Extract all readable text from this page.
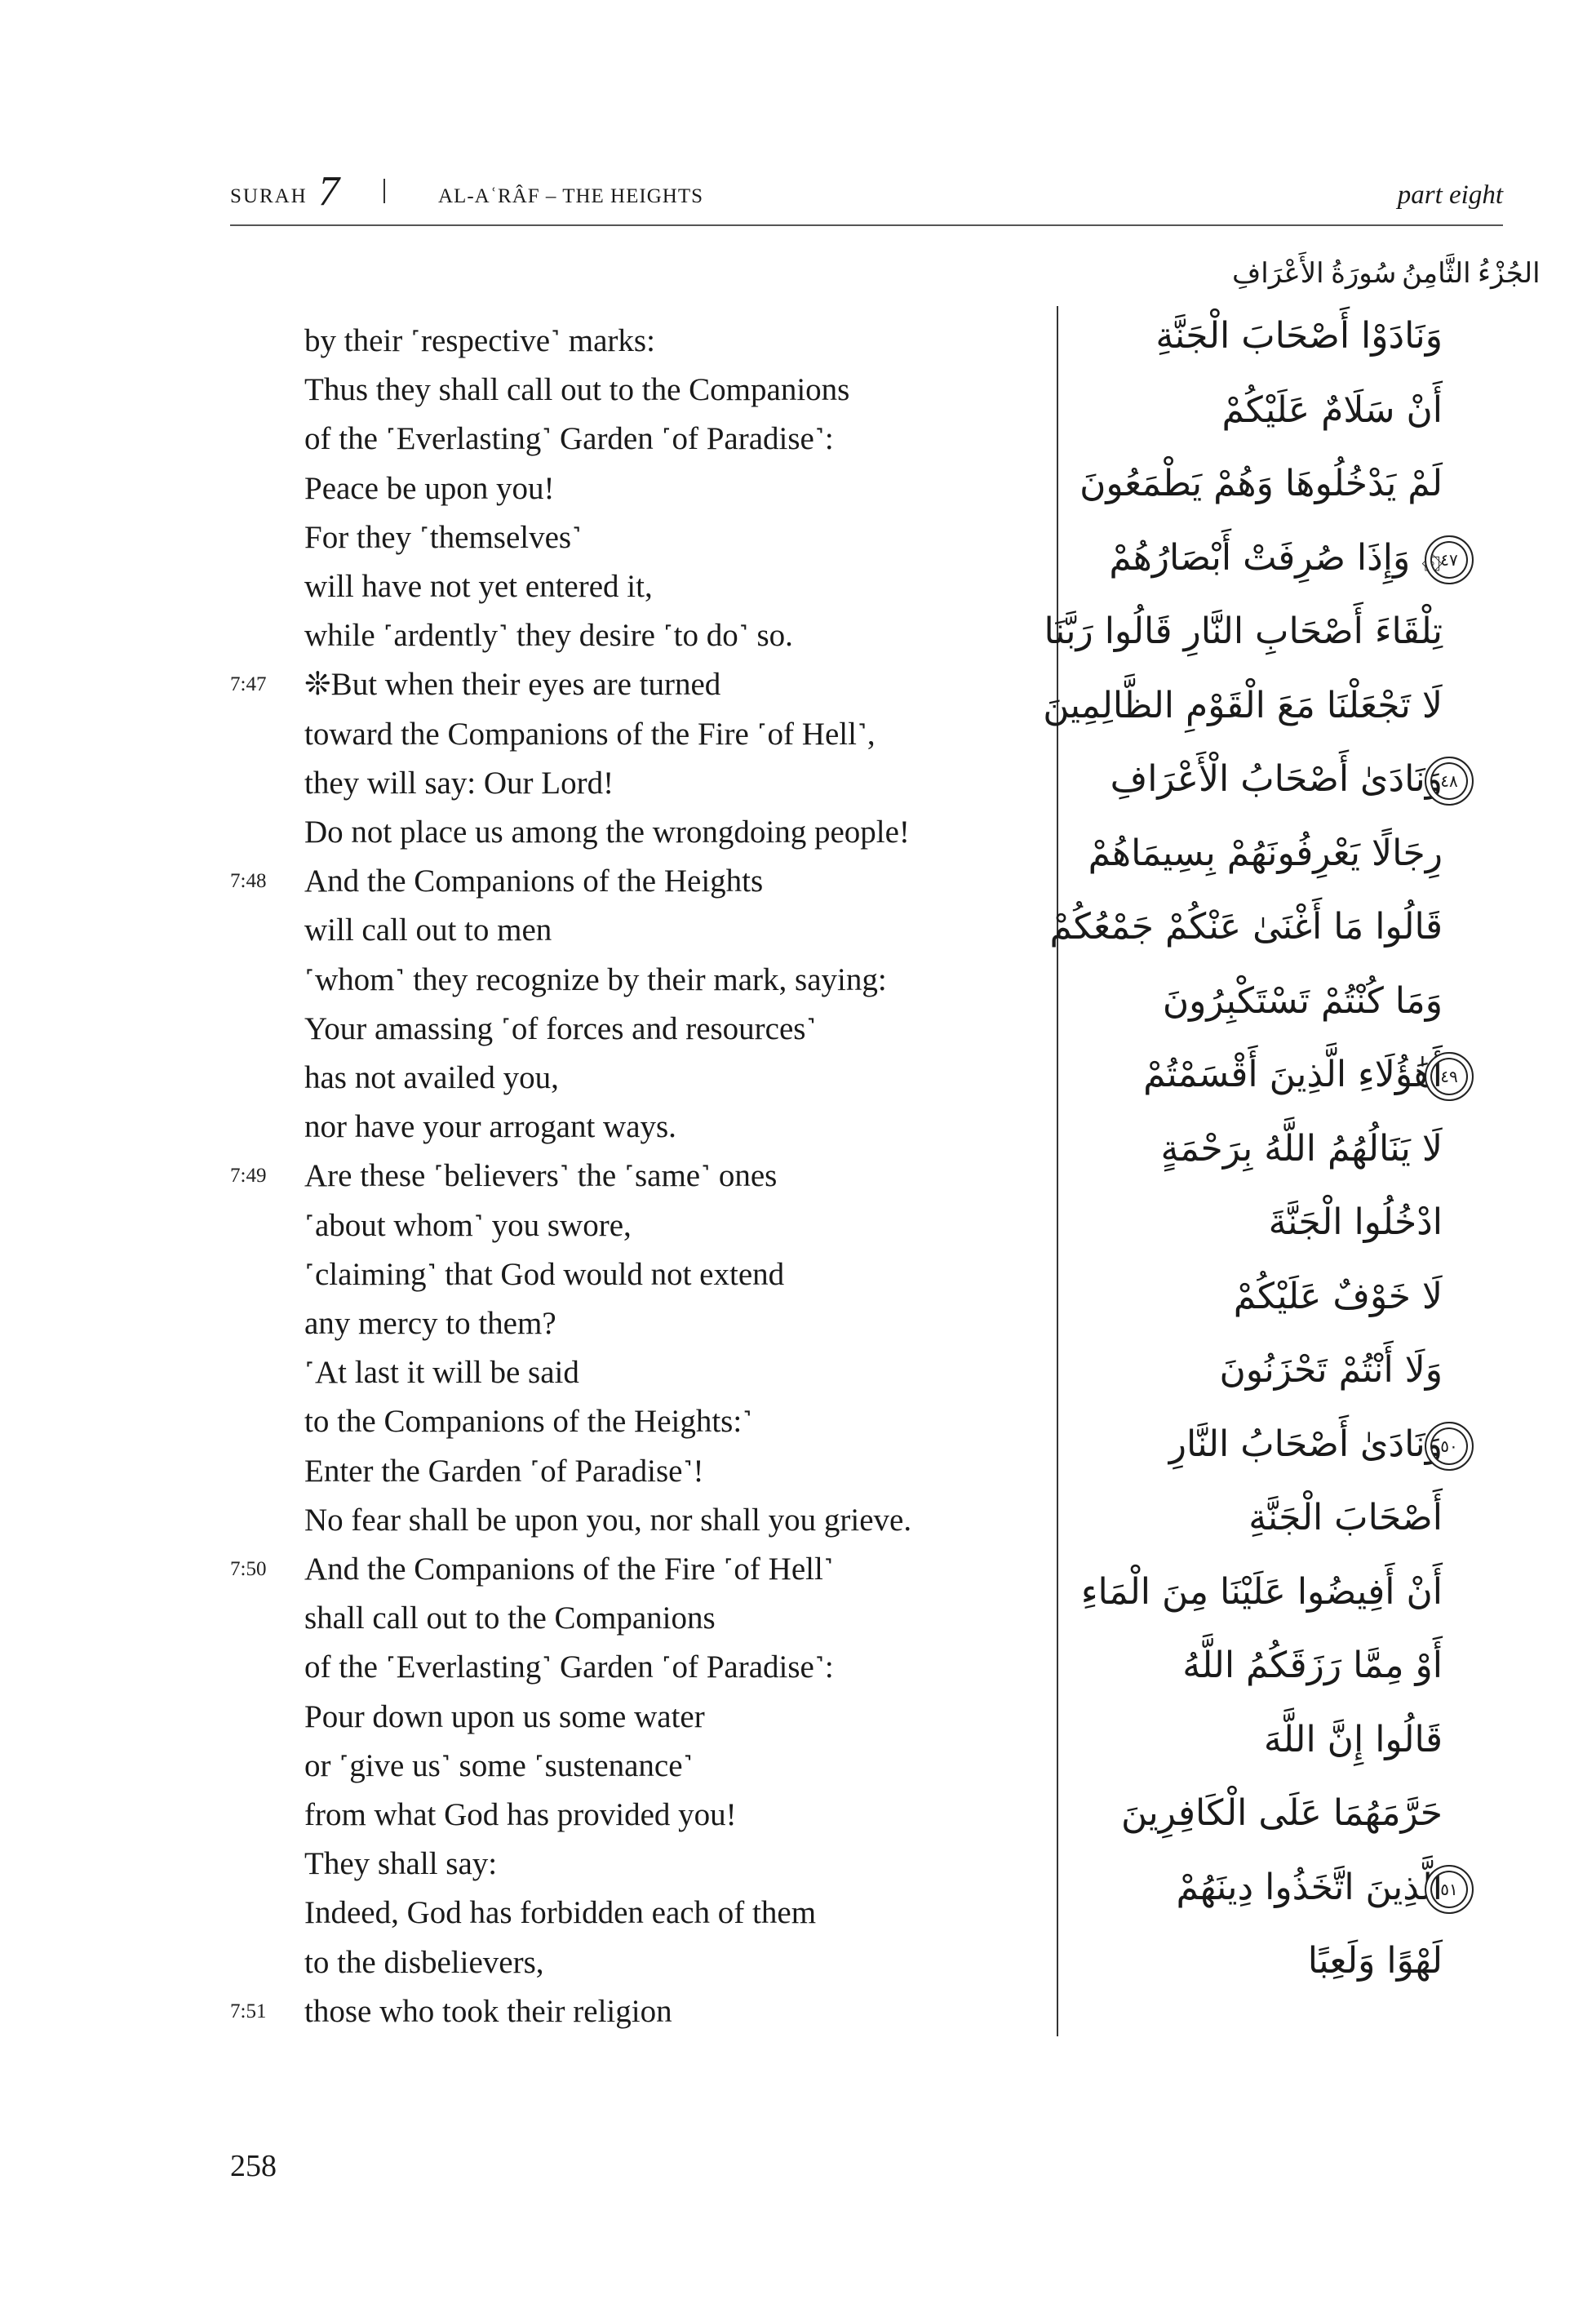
SURAH 7	AL-AʿRÂF – THE HEIGHTS	part eight
الجُزْءُ الثَّامِنُ
سُورَةُ الأَعْرَافِ
by their ˹respective˺ marks:
Thus they shall call out to the Companions
of the ˹Everlasting˺ Garden ˹of Paradise˺:
Peace be upon you!
For they ˹themselves˺
will have not yet entered it,
while ˹ardently˺ they desire ˹to do˺ so.
❊But when their eyes are turned
7:47
toward the Companions of the Fire ˹of Hell˺,
they will say: Our Lord!
Do not place us among the wrongdoing people!
And the Companions of the Heights
7:48
will call out to men
˹whom˺ they recognize by their mark, saying:
Your amassing ˹of forces and resources˺
has not availed you,
nor have your arrogant ways.
Are these ˹believers˺ the ˹same˺ ones
7:49
˹about whom˺ you swore,
˹claiming˺ that God would not extend
any mercy to them?
˹At last it will be said
to the Companions of the Heights:˺
Enter the Garden ˹of Paradise˺!
No fear shall be upon you, nor shall you grieve.
And the Companions of the Fire ˹of Hell˺
7:50
shall call out to the Companions
of the ˹Everlasting˺ Garden ˹of Paradise˺:
Pour down upon us some water
or ˹give us˺ some ˹sustenance˺
from what God has provided you!
They shall say:
Indeed, God has forbidden each of them
to the disbelievers,
those who took their religion
7:51
وَنَادَوْا أَصْحَابَ الْجَنَّةِ
أَنْ سَلَامٌ عَلَيْكُمْ
لَمْ يَدْخُلُوهَا وَهُمْ يَطْمَعُونَ
۞ وَإِذَا صُرِفَتْ أَبْصَارُهُمْ
٤٧
تِلْقَاءَ أَصْحَابِ النَّارِ قَالُوا رَبَّنَا
لَا تَجْعَلْنَا مَعَ الْقَوْمِ الظَّالِمِينَ
وَنَادَىٰ أَصْحَابُ الْأَعْرَافِ
٤٨
رِجَالًا يَعْرِفُونَهُمْ بِسِيمَاهُمْ
قَالُوا مَا أَغْنَىٰ عَنْكُمْ جَمْعُكُمْ
وَمَا كُنْتُمْ تَسْتَكْبِرُونَ
أَهَٰؤُلَاءِ الَّذِينَ أَقْسَمْتُمْ
٤٩
لَا يَنَالُهُمُ اللَّهُ بِرَحْمَةٍ
ادْخُلُوا الْجَنَّةَ
لَا خَوْفٌ عَلَيْكُمْ
وَلَا أَنْتُمْ تَحْزَنُونَ
وَنَادَىٰ أَصْحَابُ النَّارِ
٥٠
أَصْحَابَ الْجَنَّةِ
أَنْ أَفِيضُوا عَلَيْنَا مِنَ الْمَاءِ
أَوْ مِمَّا رَزَقَكُمُ اللَّهُ
قَالُوا إِنَّ اللَّهَ
حَرَّمَهُمَا عَلَى الْكَافِرِينَ
الَّذِينَ اتَّخَذُوا دِينَهُمْ
٥١
لَهْوًا وَلَعِبًا
258
